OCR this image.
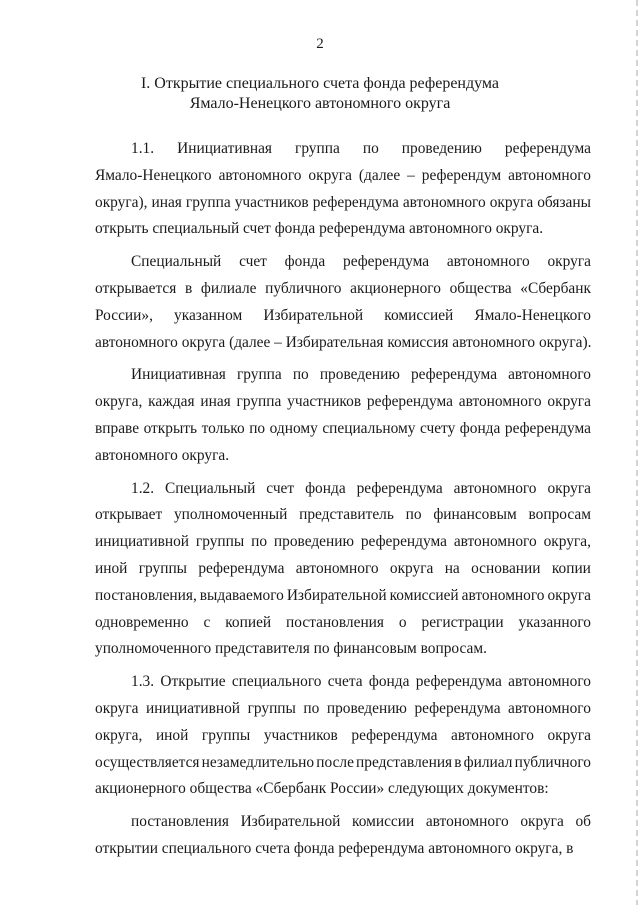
2
I. Открытие специального счета фонда референдума
Ямало-Ненецкого автономного округа
1.1. Инициативная группа по проведению референдума
Ямало-Ненецкого автономного округа (далее – референдум автономного
округа), иная группа участников референдума автономного округа обязаны
открыть специальный счет фонда референдума автономного округа.
Специальный счет фонда референдума автономного округа
открывается в филиале публичного акционерного общества «Сбербанк
России», указанном Избирательной комиссией Ямало-Ненецкого
автономного округа (далее – Избирательная комиссия автономного округа).
Инициативная группа по проведению референдума автономного
округа, каждая иная группа участников референдума автономного округа
вправе открыть только по одному специальному счету фонда референдума
автономного округа.
1.2. Специальный счет фонда референдума автономного округа
открывает уполномоченный представитель по финансовым вопросам
инициативной группы по проведению референдума автономного округа,
иной группы референдума автономного округа на основании копии
постановления, выдаваемого Избирательной комиссией автономного округа
одновременно с копией постановления о регистрации указанного
уполномоченного представителя по финансовым вопросам.
1.3. Открытие специального счета фонда референдума автономного
округа инициативной группы по проведению референдума автономного
округа, иной группы участников референдума автономного округа
осуществляется незамедлительно после представления в филиал публичного
акционерного общества «Сбербанк России» следующих документов:
постановления Избирательной комиссии автономного округа об
открытии специального счета фонда референдума автономного округа, в
